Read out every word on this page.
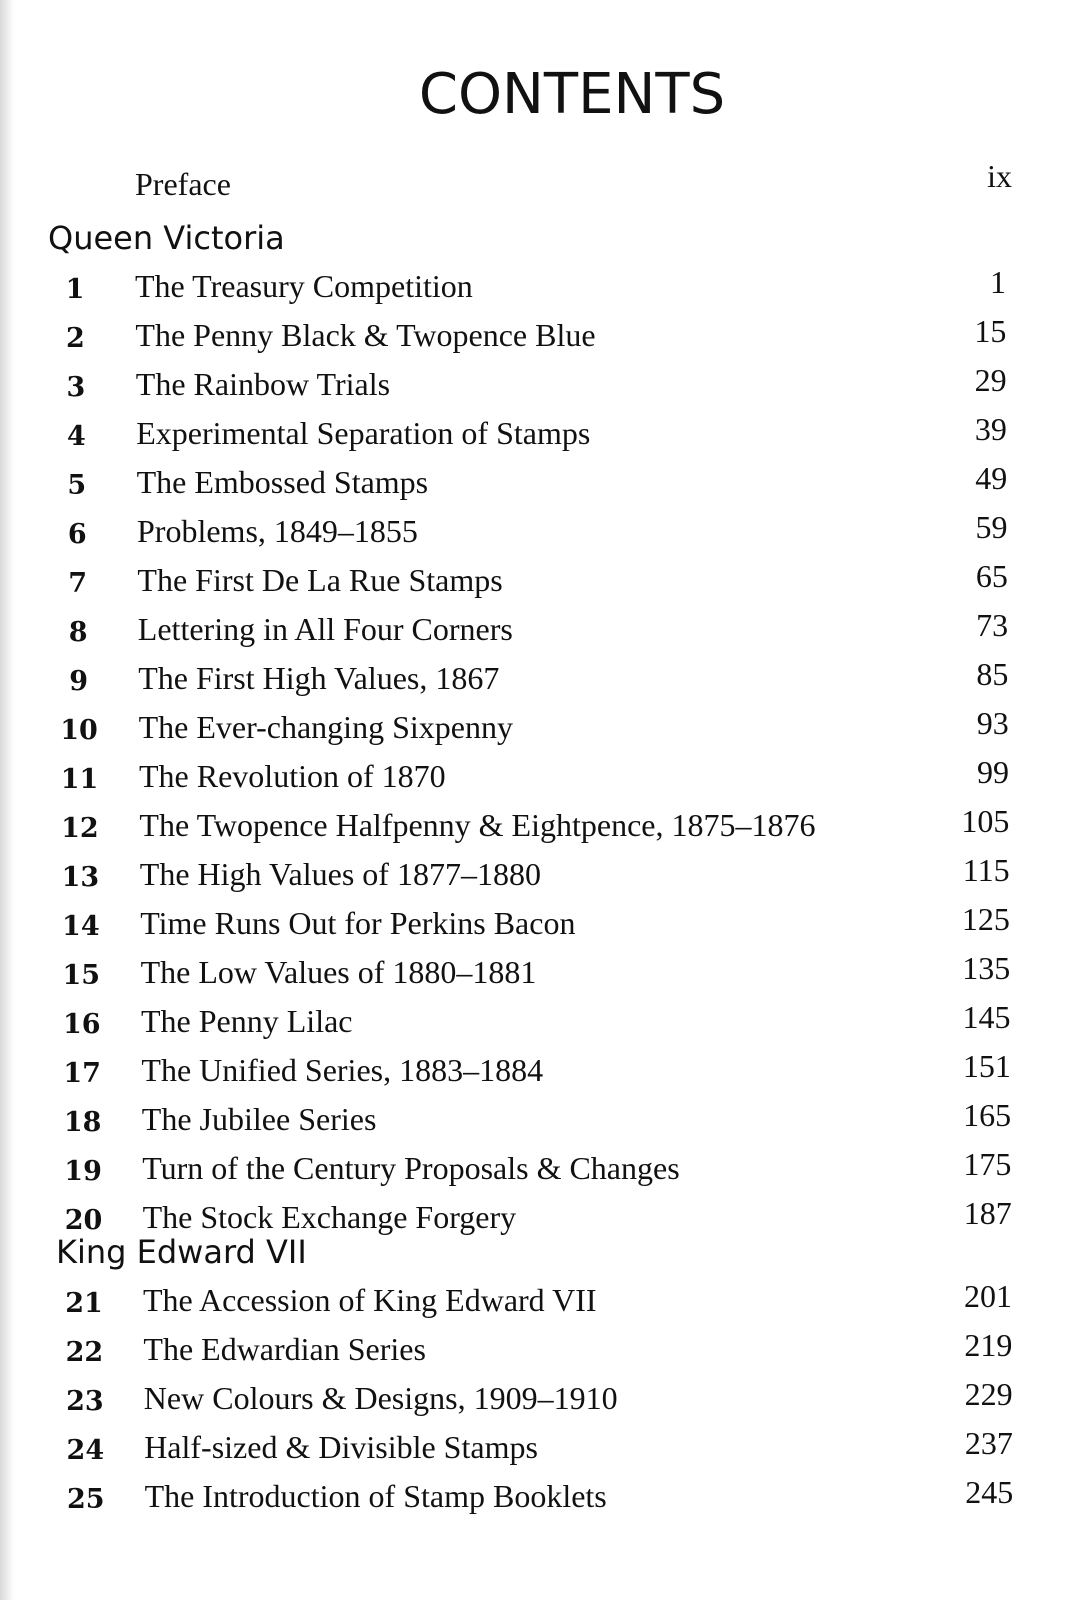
CONTENTS
Preface	ix
Queen Victoria
1	The Treasury Competition	1
2	The Penny Black & Twopence Blue	15
3	The Rainbow Trials	29
4	Experimental Separation of Stamps	39
5	The Embossed Stamps	49
6	Problems, 1849–1855	59
7	The First De La Rue Stamps	65
8	Lettering in All Four Corners	73
9	The First High Values, 1867	85
10	The Ever-changing Sixpenny	93
11	The Revolution of 1870	99
12	The Twopence Halfpenny & Eightpence, 1875–1876	105
13	The High Values of 1877–1880	115
14	Time Runs Out for Perkins Bacon	125
15	The Low Values of 1880–1881	135
16	The Penny Lilac	145
17	The Unified Series, 1883–1884	151
18	The Jubilee Series	165
19	Turn of the Century Proposals & Changes	175
20	The Stock Exchange Forgery	187
King Edward VII
21	The Accession of King Edward VII	201
22	The Edwardian Series	219
23	New Colours & Designs, 1909–1910	229
24	Half-sized & Divisible Stamps	237
25	The Introduction of Stamp Booklets	245
